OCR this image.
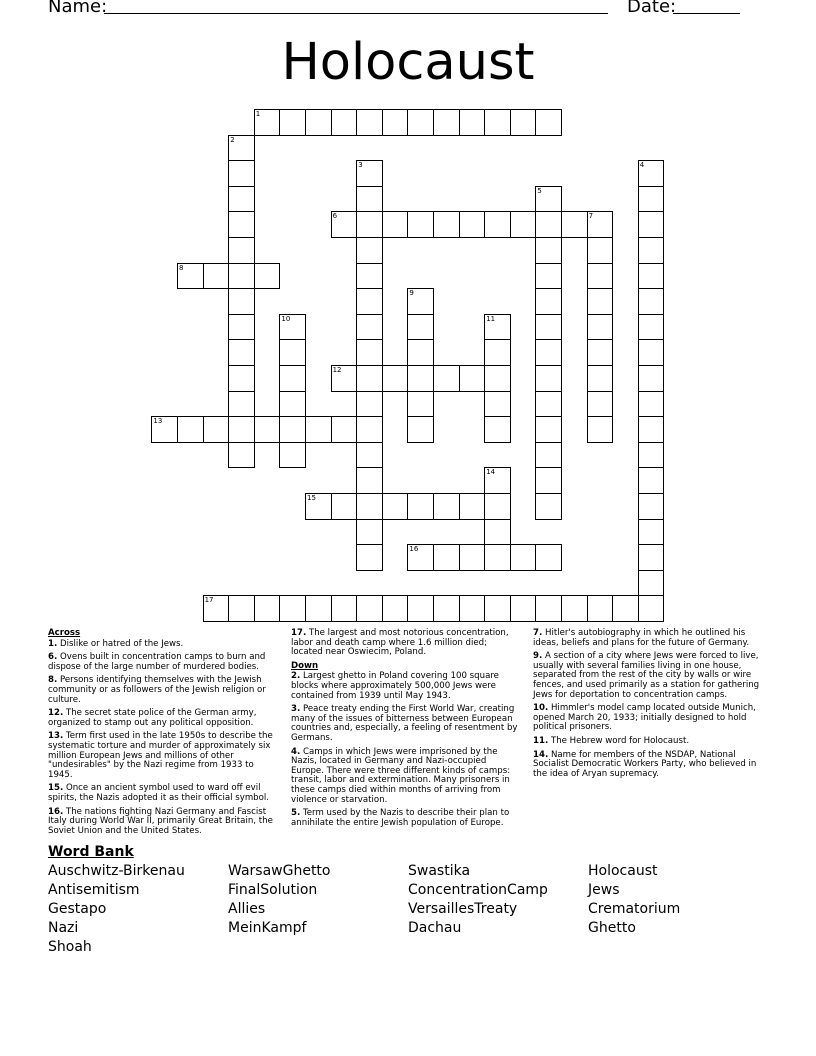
Name:	Date:
Holocaust
1
2
3	4
5
6	7
8
9
10	11
12
13
14
15
16
17
Across
1. Dislike or hatred of the Jews.
6. Ovens built in concentration camps to burn and dispose of the large number of murdered bodies.
8. Persons identifying themselves with the Jewish community or as followers of the Jewish religion or culture.
12. The secret state police of the German army, organized to stamp out any political opposition.
13. Term first used in the late 1950s to describe the systematic torture and murder of approximately six million European Jews and millions of other "undesirables" by the Nazi regime from 1933 to 1945.
15. Once an ancient symbol used to ward off evil spirits, the Nazis adopted it as their official symbol.
16. The nations fighting Nazi Germany and Fascist Italy during World War II, primarily Great Britain, the Soviet Union and the United States.
17. The largest and most notorious concentration, labor and death camp where 1.6 million died; located near Oswiecim, Poland.
Down
2. Largest ghetto in Poland covering 100 square blocks where approximately 500,000 Jews were contained from 1939 until May 1943.
3. Peace treaty ending the First World War, creating many of the issues of bitterness between European countries and, especially, a feeling of resentment by Germans.
4. Camps in which Jews were imprisoned by the Nazis, located in Germany and Nazi-occupied Europe. There were three different kinds of camps: transit, labor and extermination. Many prisoners in these camps died within months of arriving from violence or starvation.
5. Term used by the Nazis to describe their plan to annihilate the entire Jewish population of Europe.
7. Hitler's autobiography in which he outlined his ideas, beliefs and plans for the future of Germany.
9. A section of a city where Jews were forced to live, usually with several families living in one house, separated from the rest of the city by walls or wire fences, and used primarily as a station for gathering Jews for deportation to concentration camps.
10. Himmler's model camp located outside Munich, opened March 20, 1933; initially designed to hold political prisoners.
11. The Hebrew word for Holocaust.
14. Name for members of the NSDAP, National Socialist Democratic Workers Party, who believed in the idea of Aryan supremacy.
Word Bank
Auschwitz-Birkenau
Antisemitism
Gestapo
Nazi
Shoah
WarsawGhetto
FinalSolution
Allies
MeinKampf
Swastika
ConcentrationCamp
VersaillesTreaty
Dachau
Holocaust
Jews
Crematorium
Ghetto
